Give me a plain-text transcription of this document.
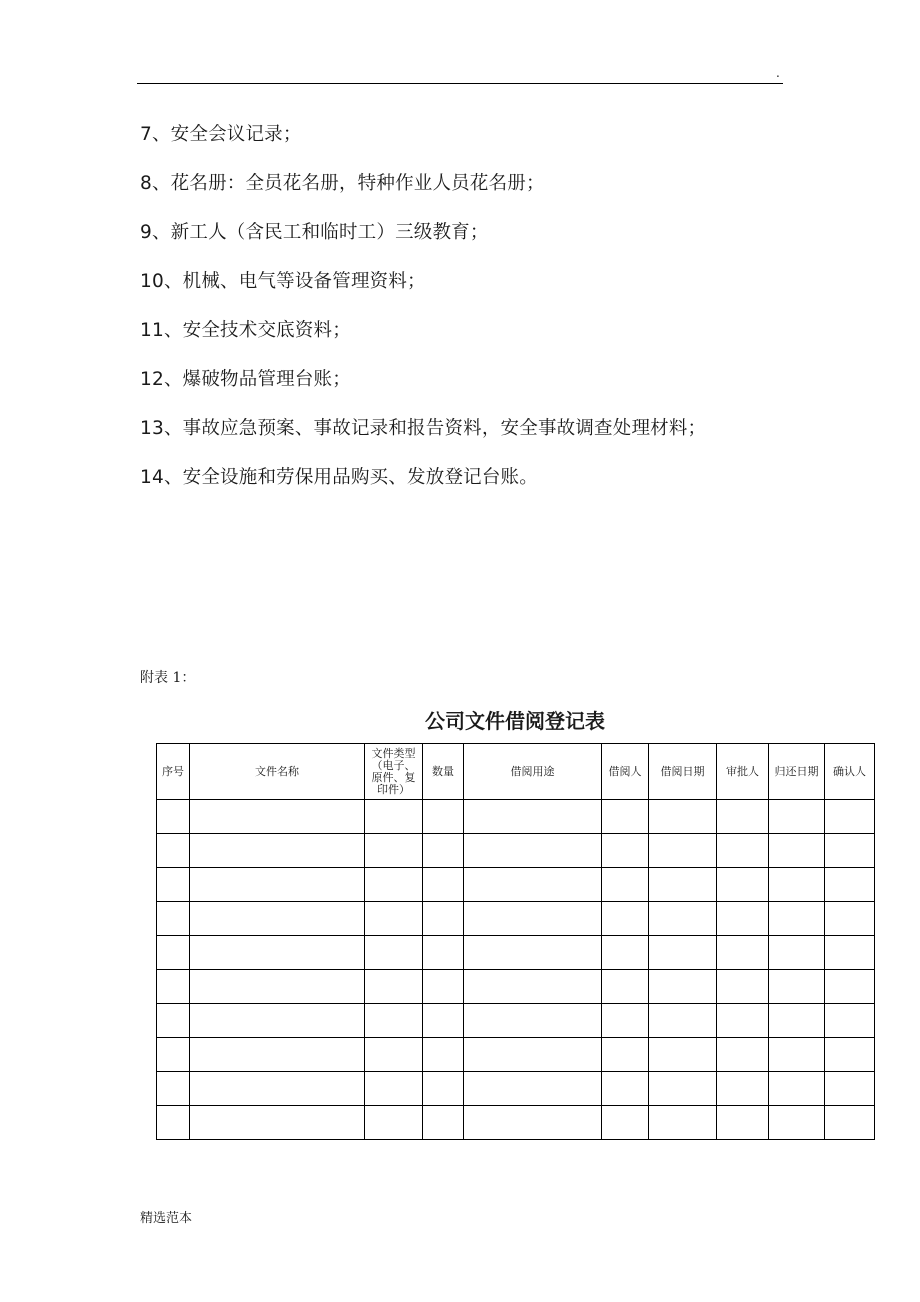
.
7、安全会议记录；
8、花名册：全员花名册，特种作业人员花名册；
9、新工人（含民工和临时工）三级教育；
10、机械、电气等设备管理资料；
11、安全技术交底资料；
12、爆破物品管理台账；
13、事故应急预案、事故记录和报告资料，安全事故调查处理材料；
14、安全设施和劳保用品购买、发放登记台账。
附表 1：
公司文件借阅登记表
序号	文件名称	文件类型（电子、原件、复印件）	数量	借阅用途	借阅人	借阅日期	审批人	归还日期	确认人

精选范本
